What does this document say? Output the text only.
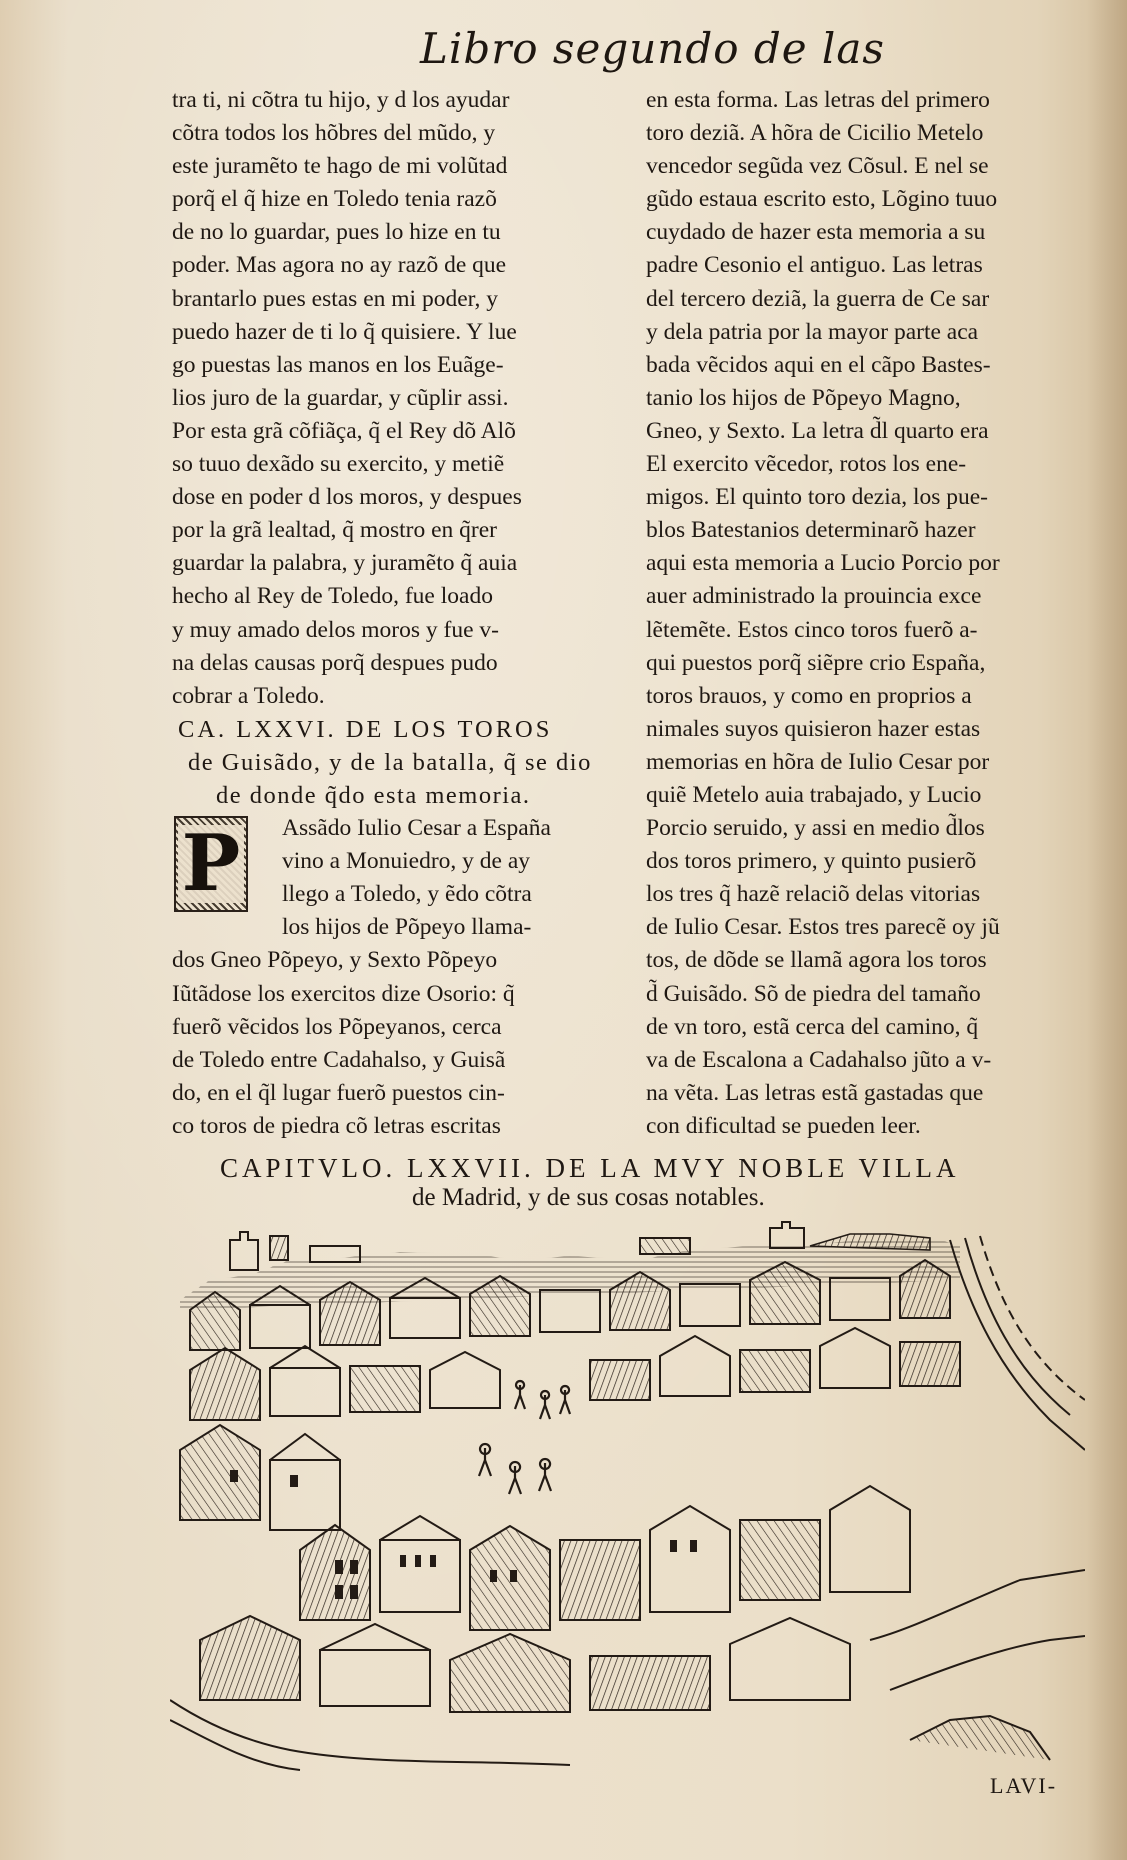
Libro segundo de las
tra ti, ni cõtra tu hijo, y d los ayudar
cõtra todos los hõbres del mũdo, y
este juramẽto te hago de mi volũtad
porq̃ el q̃ hize en Toledo tenia razõ
de no lo guardar, pues lo hize en tu
poder. Mas agora no ay razõ de que
brantarlo pues estas en mi poder, y
puedo hazer de ti lo q̃ quisiere. Y lue
go puestas las manos en los Euãge-
lios juro de la guardar, y cũplir assi.
Por esta grã cõfiãça, q̃ el Rey dõ Alõ
so tuuo dexãdo su exercito, y metiẽ
dose en poder d los moros, y despues
por la grã lealtad, q̃ mostro en q̃rer
guardar la palabra, y juramẽto q̃ auia
hecho al Rey de Toledo, fue loado
y muy amado delos moros y fue v-
na delas causas porq̃ despues pudo
cobrar a Toledo.
CA. LXXVI. DE LOS TOROS
de Guisãdo, y de la batalla, q̃ se dio
de donde q̃do esta memoria.
P	Assãdo Iulio Cesar a España
vino a Monuiedro, y de ay
llego a Toledo, y ẽdo cõtra
los hijos de Põpeyo llama-
dos Gneo Põpeyo, y Sexto Põpeyo
Iũtãdose los exercitos dize Osorio: q̃
fuerõ vẽcidos los Põpeyanos, cerca
de Toledo entre Cadahalso, y Guisã
do, en el q̃l lugar fuerõ puestos cin-
co toros de piedra cõ letras escritas
en esta forma. Las letras del primero
toro deziã. A hõra de Cicilio Metelo
vencedor segũda vez Cõsul. E nel se
gũdo estaua escrito esto, Lõgino tuuo
cuydado de hazer esta memoria a su
padre Cesonio el antiguo. Las letras
del tercero deziã, la guerra de Ce sar
y dela patria por la mayor parte aca
bada vẽcidos aqui en el cãpo Bastes-
tanio los hijos de Põpeyo Magno,
Gneo, y Sexto. La letra d̃l quarto era
El exercito vẽcedor, rotos los ene-
migos. El quinto toro dezia, los pue-
blos Batestanios determinarõ hazer
aqui esta memoria a Lucio Porcio por
auer administrado la prouincia exce
lẽtemẽte. Estos cinco toros fuerõ a-
qui puestos porq̃ siẽpre crio España,
toros brauos, y como en proprios a
nimales suyos quisieron hazer estas
memorias en hõra de Iulio Cesar por
quiẽ Metelo auia trabajado, y Lucio
Porcio seruido, y assi en medio d̃los
dos toros primero, y quinto pusierõ
los tres q̃ hazẽ relaciõ delas vitorias
de Iulio Cesar. Estos tres parecẽ oy jũ
tos, de dõde se llamã agora los toros
d̃ Guisãdo. Sõ de piedra del tamaño
de vn toro, estã cerca del camino, q̃
va de Escalona a Cadahalso jũto a v-
na vẽta. Las letras estã gastadas que
con dificultad se pueden leer.
CAPITVLO. LXXVII. DE LA MVY NOBLE VILLA
de Madrid, y de sus cosas notables.
LAVI-
